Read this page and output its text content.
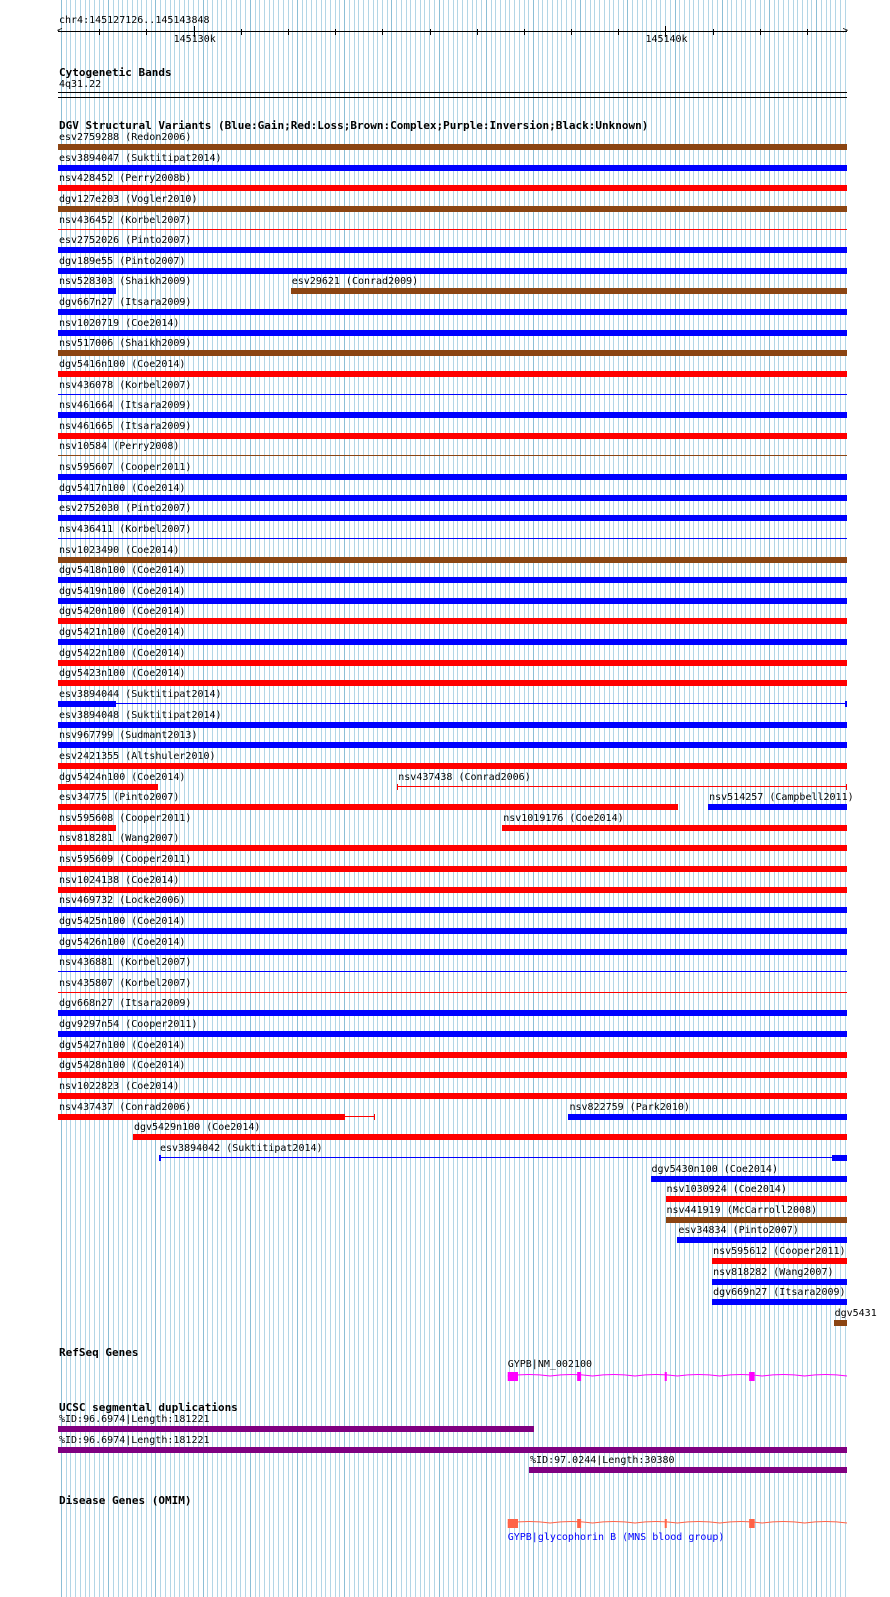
chr4:145127126..145143848
<	>
145130k	145140k
Cytogenetic Bands
4q31.22
DGV Structural Variants (Blue:Gain;Red:Loss;Brown:Complex;Purple:Inversion;Black:Unknown)
esv2759288 (Redon2006)
esv3894047 (Suktitipat2014)
nsv428452 (Perry2008b)
dgv127e203 (Vogler2010)
nsv436452 (Korbel2007)
esv2752026 (Pinto2007)
dgv189e55 (Pinto2007)
nsv528303 (Shaikh2009)	esv29621 (Conrad2009)
dgv667n27 (Itsara2009)
nsv1020719 (Coe2014)
nsv517006 (Shaikh2009)
dgv5416n100 (Coe2014)
nsv436078 (Korbel2007)
nsv461664 (Itsara2009)
nsv461665 (Itsara2009)
nsv10584 (Perry2008)
nsv595607 (Cooper2011)
dgv5417n100 (Coe2014)
esv2752030 (Pinto2007)
nsv436411 (Korbel2007)
nsv1023490 (Coe2014)
dgv5418n100 (Coe2014)
dgv5419n100 (Coe2014)
dgv5420n100 (Coe2014)
dgv5421n100 (Coe2014)
dgv5422n100 (Coe2014)
dgv5423n100 (Coe2014)
esv3894044 (Suktitipat2014)
esv3894048 (Suktitipat2014)
nsv967799 (Sudmant2013)
esv2421355 (Altshuler2010)
dgv5424n100 (Coe2014)	nsv437438 (Conrad2006)
esv34775 (Pinto2007)	nsv514257 (Campbell2011)
nsv595608 (Cooper2011)	nsv1019176 (Coe2014)
nsv818281 (Wang2007)
nsv595609 (Cooper2011)
nsv1024138 (Coe2014)
nsv469732 (Locke2006)
dgv5425n100 (Coe2014)
dgv5426n100 (Coe2014)
nsv436881 (Korbel2007)
nsv435807 (Korbel2007)
dgv668n27 (Itsara2009)
dgv9297n54 (Cooper2011)
dgv5427n100 (Coe2014)
dgv5428n100 (Coe2014)
nsv1022823 (Coe2014)
nsv437437 (Conrad2006)	nsv822759 (Park2010)
dgv5429n100 (Coe2014)
esv3894042 (Suktitipat2014)
dgv5430n100 (Coe2014)
nsv1030924 (Coe2014)
nsv441919 (McCarroll2008)
esv34834 (Pinto2007)
nsv595612 (Cooper2011)
nsv818282 (Wang2007)
dgv669n27 (Itsara2009)
dgv5431
RefSeq Genes
GYPB|NM_002100
UCSC segmental duplications
%ID:96.6974|Length:181221
%ID:96.6974|Length:181221
%ID:97.0244|Length:30380
Disease Genes (OMIM)
GYPB|glycophorin B (MNS blood group)
